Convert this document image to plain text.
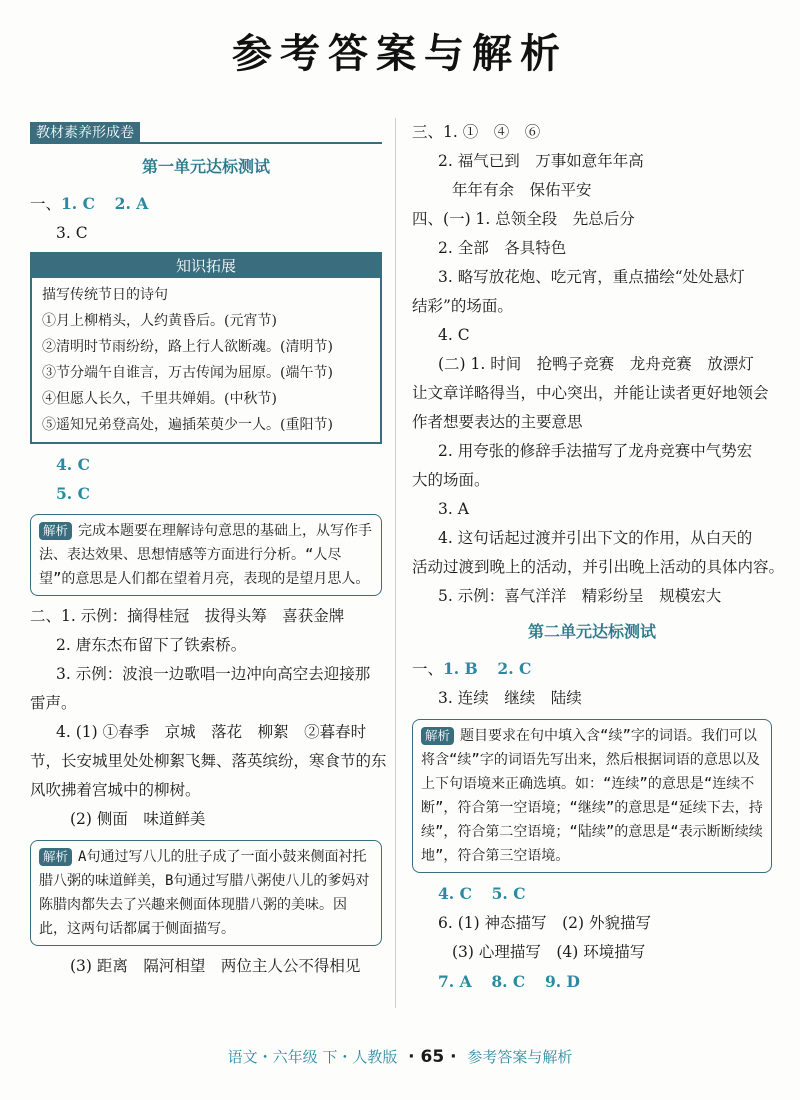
参考答案与解析
教材素养形成卷
第一单元达标测试
一、1. C 2. A
3. C
知识拓展
描写传统节日的诗句
①月上柳梢头，人约黄昏后。(元宵节)
②清明时节雨纷纷，路上行人欲断魂。(清明节)
③节分端午自谁言，万古传闻为屈原。(端午节)
④但愿人长久，千里共婵娟。(中秋节)
⑤遥知兄弟登高处，遍插茱萸少一人。(重阳节)
4. C
5. C
解析 完成本题要在理解诗句意思的基础上，从写作手法、表达效果、思想情感等方面进行分析。“人尽望”的意思是人们都在望着月亮，表现的是望月思人。
二、1. 示例：摘得桂冠　拔得头筹　喜获金牌
2. 唐东杰布留下了铁索桥。
3. 示例：波浪一边歌唱一边冲向高空去迎接那
雷声。
4. (1) ①春季　京城　落花　柳絮　②暮春时
节，长安城里处处柳絮飞舞、落英缤纷，寒食节的东
风吹拂着宫城中的柳树。
(2) 侧面　味道鲜美
解析 A句通过写八儿的肚子成了一面小鼓来侧面衬托腊八粥的味道鲜美，B句通过写腊八粥使八儿的爹妈对陈腊肉都失去了兴趣来侧面体现腊八粥的美味。因此，这两句话都属于侧面描写。
(3) 距离　隔河相望　两位主人公不得相见
三、1. ①　④　⑥
2. 福气已到　万事如意年年高
年年有余　保佑平安
四、(一) 1. 总领全段　先总后分
2. 全部　各具特色
3. 略写放花炮、吃元宵，重点描绘“处处悬灯
结彩”的场面。
4. C
(二) 1. 时间　抢鸭子竞赛　龙舟竞赛　放漂灯
让文章详略得当，中心突出，并能让读者更好地领会
作者想要表达的主要意思
2. 用夸张的修辞手法描写了龙舟竞赛中气势宏
大的场面。
3. A
4. 这句话起过渡并引出下文的作用，从白天的
活动过渡到晚上的活动，并引出晚上活动的具体内容。
5. 示例：喜气洋洋　精彩纷呈　规模宏大
第二单元达标测试
一、1. B 2. C
3. 连续　继续　陆续
解析 题目要求在句中填入含“续”字的词语。我们可以将含“续”字的词语先写出来，然后根据词语的意思以及上下句语境来正确选填。如：“连续”的意思是“连续不断”，符合第一空语境；“继续”的意思是“延续下去，持续”，符合第二空语境；“陆续”的意思是“表示断断续续地”，符合第三空语境。
4. C 5. C
6. (1) 神态描写　(2) 外貌描写
(3) 心理描写　(4) 环境描写
7. A 8. C 9. D
语文・六年级 下・人教版 · 65 · 参考答案与解析
